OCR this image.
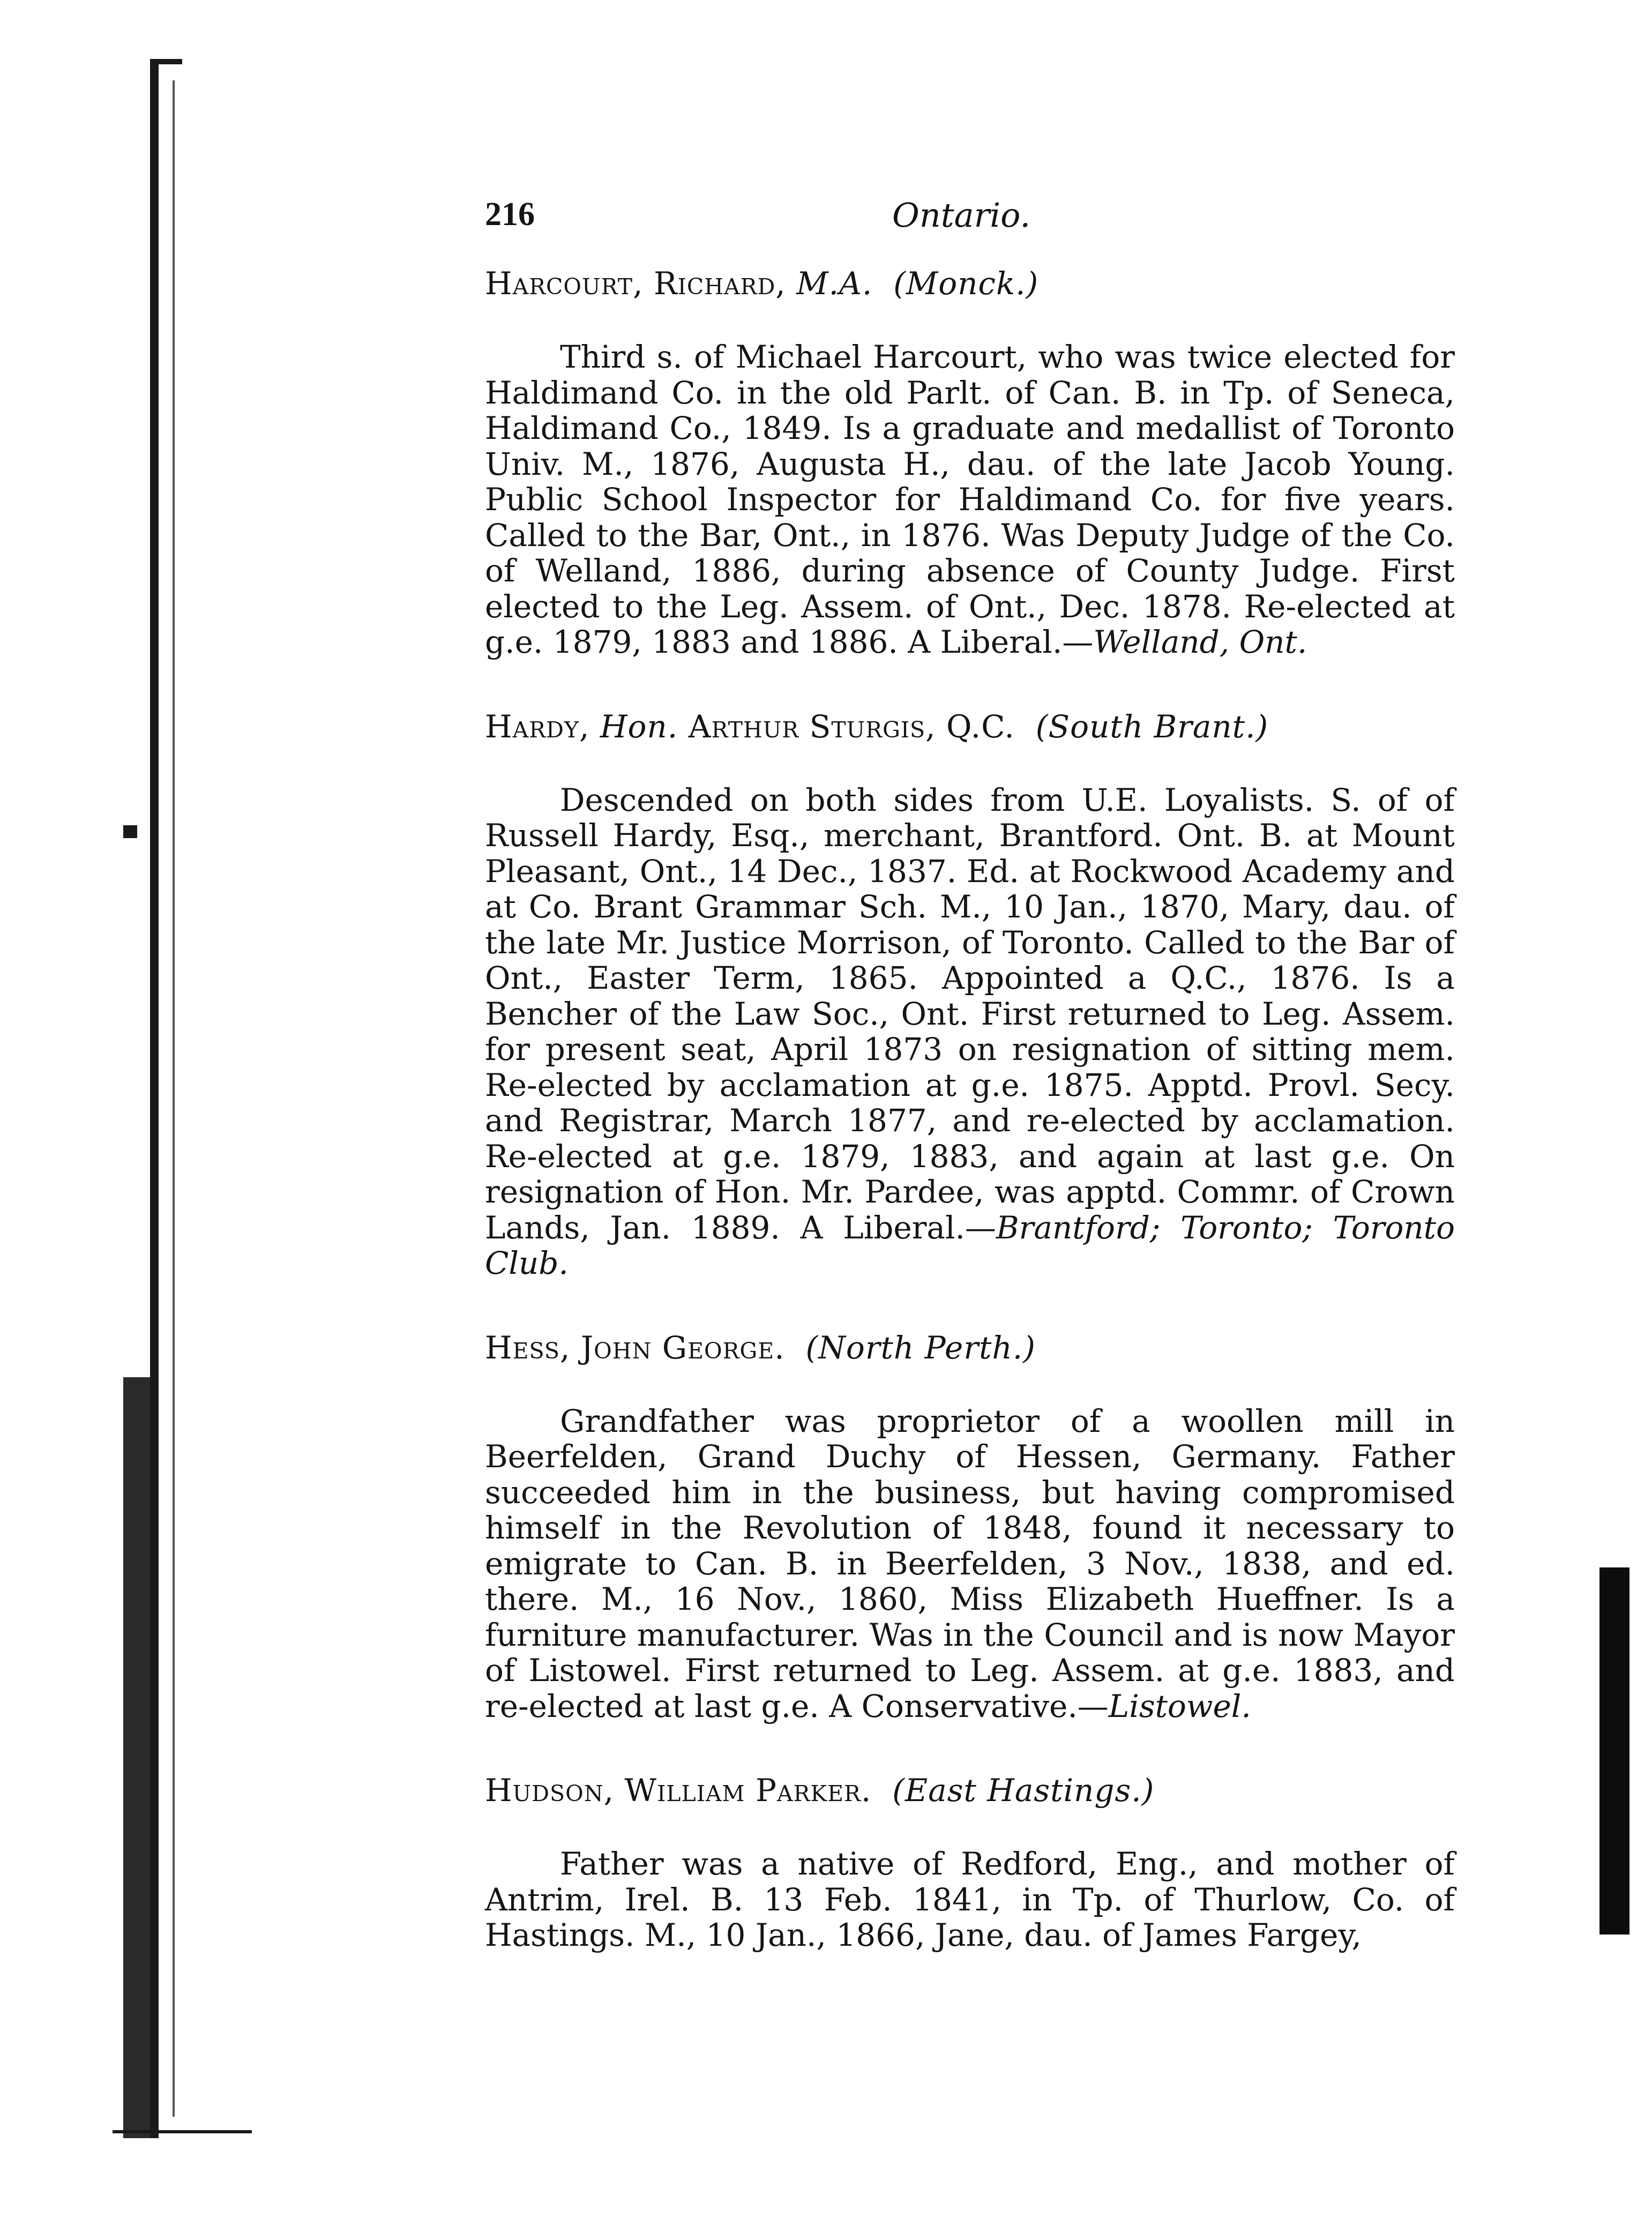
216	Ontario.
Harcourt, Richard, M.A. (Monck.)

Third s. of Michael Harcourt, who was twice elected for Haldimand Co. in the old Parlt. of Can. B. in Tp. of Seneca, Haldimand Co., 1849. Is a graduate and medallist of Toronto Univ. M., 1876, Augusta H., dau. of the late Jacob Young. Public School Inspector for Haldimand Co. for five years. Called to the Bar, Ont., in 1876. Was Deputy Judge of the Co. of Welland, 1886, during absence of County Judge. First elected to the Leg. Assem. of Ont., Dec. 1878. Re-elected at g.e. 1879, 1883 and 1886. A Liberal.—Welland, Ont.

Hardy, Hon. Arthur Sturgis, Q.C. (South Brant.)

Descended on both sides from U.E. Loyalists. S. of of Russell Hardy, Esq., merchant, Brantford. Ont. B. at Mount Pleasant, Ont., 14 Dec., 1837. Ed. at Rockwood Academy and at Co. Brant Grammar Sch. M., 10 Jan., 1870, Mary, dau. of the late Mr. Justice Morrison, of Toronto. Called to the Bar of Ont., Easter Term, 1865. Appointed a Q.C., 1876. Is a Bencher of the Law Soc., Ont. First returned to Leg. Assem. for present seat, April 1873 on resignation of sitting mem. Re-elected by acclamation at g.e. 1875. Apptd. Provl. Secy. and Registrar, March 1877, and re-elected by acclamation. Re-elected at g.e. 1879, 1883, and again at last g.e. On resignation of Hon. Mr. Pardee, was apptd. Commr. of Crown Lands, Jan. 1889. A Liberal.—Brantford; Toronto; Toronto Club.

Hess, John George. (North Perth.)

Grandfather was proprietor of a woollen mill in Beerfelden, Grand Duchy of Hessen, Germany. Father succeeded him in the business, but having compromised himself in the Revolution of 1848, found it necessary to emigrate to Can. B. in Beerfelden, 3 Nov., 1838, and ed. there. M., 16 Nov., 1860, Miss Elizabeth Hueffner. Is a furniture manufacturer. Was in the Council and is now Mayor of Listowel. First returned to Leg. Assem. at g.e. 1883, and re-elected at last g.e. A Conservative.—Listowel.

Hudson, William Parker. (East Hastings.)

Father was a native of Redford, Eng., and mother of Antrim, Irel. B. 13 Feb. 1841, in Tp. of Thurlow, Co. of Hastings. M., 10 Jan., 1866, Jane, dau. of James Fargey,
